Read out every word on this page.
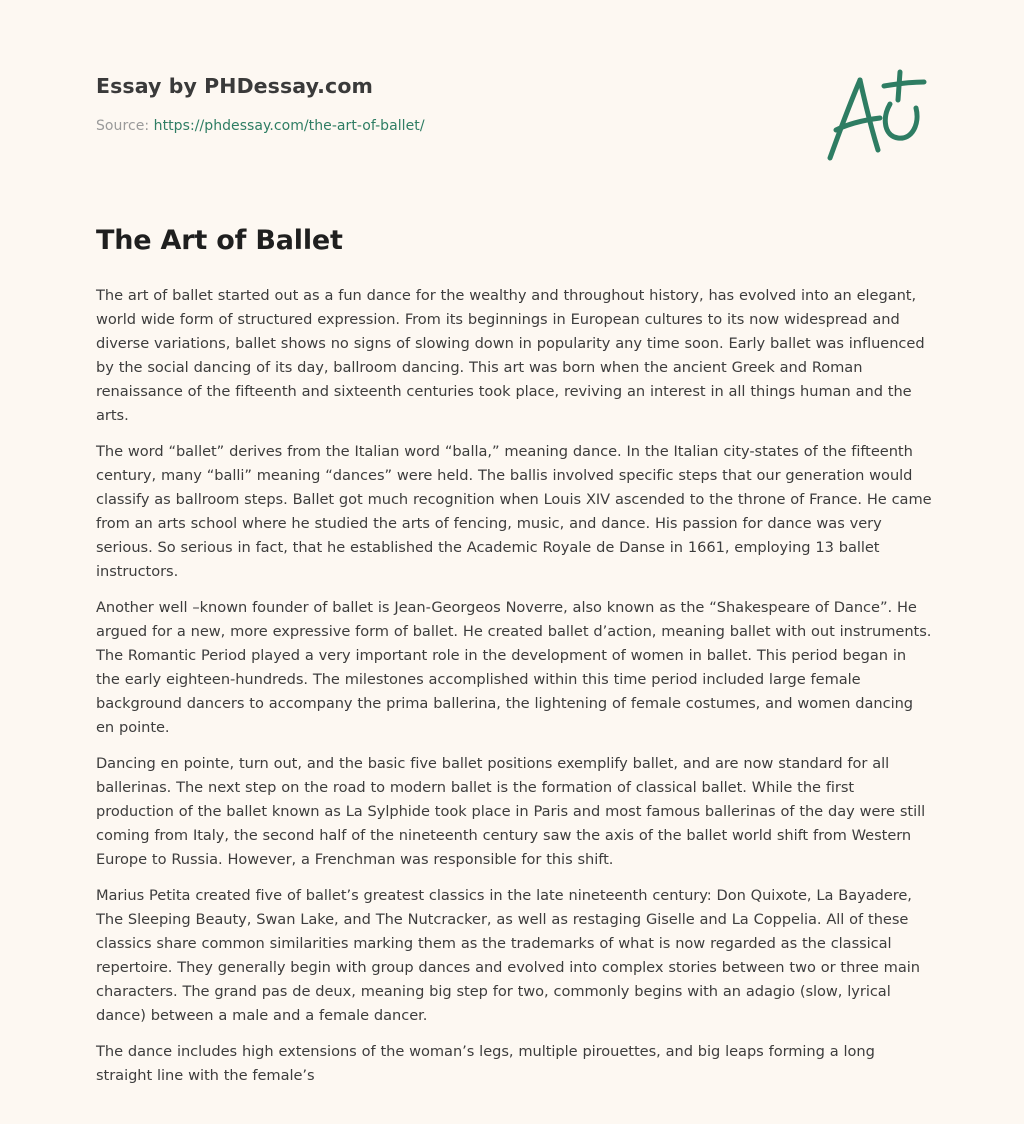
Essay by PHDessay.com
Source: https://phdessay.com/the-art-of-ballet/
The Art of Ballet

The art of ballet started out as a fun dance for the wealthy and throughout history, has evolved into an elegant, world wide form of structured expression. From its beginnings in European cultures to its now widespread and diverse variations, ballet shows no signs of slowing down in popularity any time soon. Early ballet was influenced by the social dancing of its day, ballroom dancing. This art was born when the ancient Greek and Roman renaissance of the fifteenth and sixteenth centuries took place, reviving an interest in all things human and the arts.

The word “ballet” derives from the Italian word “balla,” meaning dance. In the Italian city-states of the fifteenth century, many “balli” meaning “dances” were held. The ballis involved specific steps that our generation would classify as ballroom steps. Ballet got much recognition when Louis XIV ascended to the throne of France. He came from an arts school where he studied the arts of fencing, music, and dance. His passion for dance was very serious. So serious in fact, that he established the Academic Royale de Danse in 1661, employing 13 ballet instructors.

Another well –known founder of ballet is Jean-Georgeos Noverre, also known as the “Shakespeare of Dance”. He argued for a new, more expressive form of ballet. He created ballet d’action, meaning ballet with out instruments. The Romantic Period played a very important role in the development of women in ballet. This period began in the early eighteen-hundreds. The milestones accomplished within this time period included large female background dancers to accompany the prima ballerina, the lightening of female costumes, and women dancing en pointe.

Dancing en pointe, turn out, and the basic five ballet positions exemplify ballet, and are now standard for all ballerinas. The next step on the road to modern ballet is the formation of classical ballet. While the first production of the ballet known as La Sylphide took place in Paris and most famous ballerinas of the day were still coming from Italy, the second half of the nineteenth century saw the axis of the ballet world shift from Western Europe to Russia. However, a Frenchman was responsible for this shift.

Marius Petita created five of ballet’s greatest classics in the late nineteenth century: Don Quixote, La Bayadere, The Sleeping Beauty, Swan Lake, and The Nutcracker, as well as restaging Giselle and La Coppelia. All of these classics share common similarities marking them as the trademarks of what is now regarded as the classical repertoire. They generally begin with group dances and evolved into complex stories between two or three main characters. The grand pas de deux, meaning big step for two, commonly begins with an adagio (slow, lyrical dance) between a male and a female dancer.

The dance includes high extensions of the woman’s legs, multiple pirouettes, and big leaps forming a long straight line with the female’s
